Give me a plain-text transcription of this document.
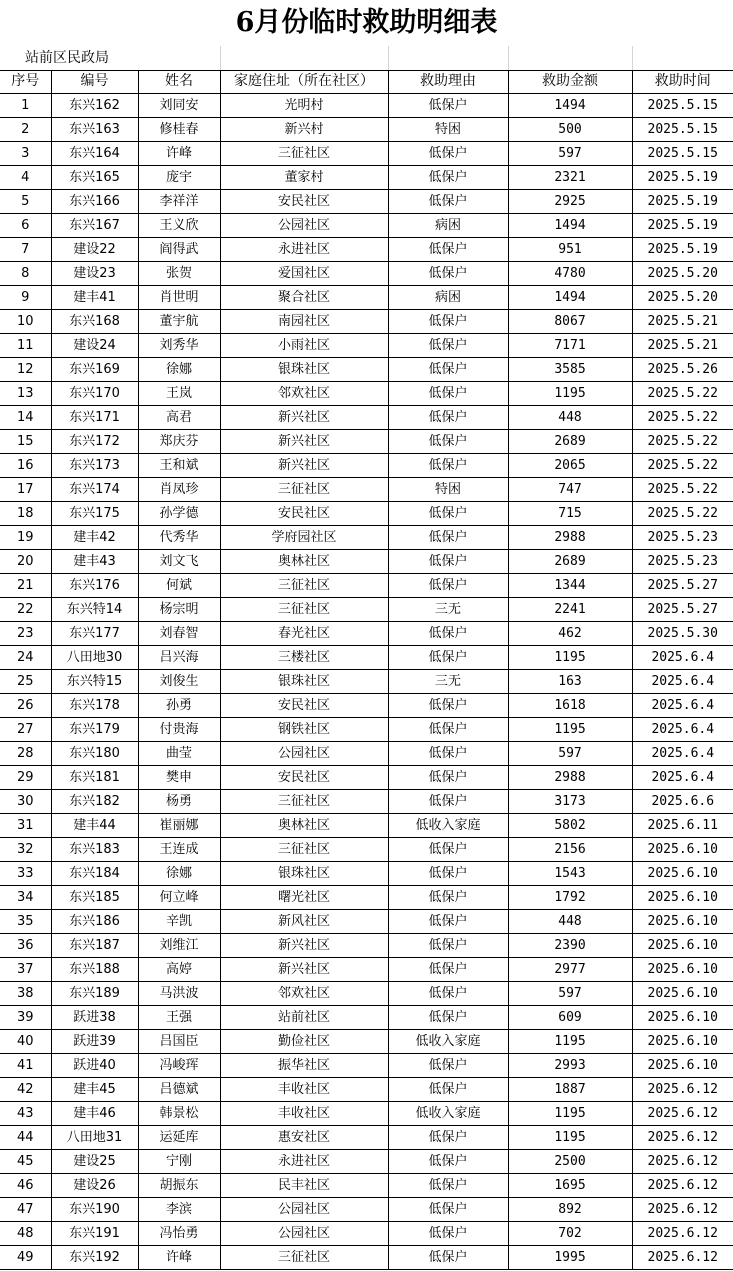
6月份临时救助明细表
站前区民政局
序号	编号	姓名	家庭住址（所在社区）	救助理由	救助金额	救助时间
1	东兴162	刘同安	光明村	低保户	1494	2025.5.15
2	东兴163	修桂春	新兴村	特困	500	2025.5.15
3	东兴164	许峰	三征社区	低保户	597	2025.5.15
4	东兴165	庞宇	董家村	低保户	2321	2025.5.19
5	东兴166	李祥洋	安民社区	低保户	2925	2025.5.19
6	东兴167	王义欣	公园社区	病困	1494	2025.5.19
7	建设22	阎得武	永进社区	低保户	951	2025.5.19
8	建设23	张贺	爱国社区	低保户	4780	2025.5.20
9	建丰41	肖世明	聚合社区	病困	1494	2025.5.20
10	东兴168	董宇航	南园社区	低保户	8067	2025.5.21
11	建设24	刘秀华	小雨社区	低保户	7171	2025.5.21
12	东兴169	徐娜	银珠社区	低保户	3585	2025.5.26
13	东兴170	王岚	邻欢社区	低保户	1195	2025.5.22
14	东兴171	高君	新兴社区	低保户	448	2025.5.22
15	东兴172	郑庆芬	新兴社区	低保户	2689	2025.5.22
16	东兴173	王和斌	新兴社区	低保户	2065	2025.5.22
17	东兴174	肖凤珍	三征社区	特困	747	2025.5.22
18	东兴175	孙学德	安民社区	低保户	715	2025.5.22
19	建丰42	代秀华	学府园社区	低保户	2988	2025.5.23
20	建丰43	刘文飞	奥林社区	低保户	2689	2025.5.23
21	东兴176	何斌	三征社区	低保户	1344	2025.5.27
22	东兴特14	杨宗明	三征社区	三无	2241	2025.5.27
23	东兴177	刘春智	春光社区	低保户	462	2025.5.30
24	八田地30	吕兴海	三楼社区	低保户	1195	2025.6.4
25	东兴特15	刘俊生	银珠社区	三无	163	2025.6.4
26	东兴178	孙勇	安民社区	低保户	1618	2025.6.4
27	东兴179	付贵海	钢铁社区	低保户	1195	2025.6.4
28	东兴180	曲莹	公园社区	低保户	597	2025.6.4
29	东兴181	樊申	安民社区	低保户	2988	2025.6.4
30	东兴182	杨勇	三征社区	低保户	3173	2025.6.6
31	建丰44	崔丽娜	奥林社区	低收入家庭	5802	2025.6.11
32	东兴183	王连成	三征社区	低保户	2156	2025.6.10
33	东兴184	徐娜	银珠社区	低保户	1543	2025.6.10
34	东兴185	何立峰	曙光社区	低保户	1792	2025.6.10
35	东兴186	辛凯	新风社区	低保户	448	2025.6.10
36	东兴187	刘维江	新兴社区	低保户	2390	2025.6.10
37	东兴188	高婷	新兴社区	低保户	2977	2025.6.10
38	东兴189	马洪波	邻欢社区	低保户	597	2025.6.10
39	跃进38	王强	站前社区	低保户	609	2025.6.10
40	跃进39	吕国臣	勤俭社区	低收入家庭	1195	2025.6.10
41	跃进40	冯峻珲	振华社区	低保户	2993	2025.6.10
42	建丰45	吕德斌	丰收社区	低保户	1887	2025.6.12
43	建丰46	韩景松	丰收社区	低收入家庭	1195	2025.6.12
44	八田地31	运延库	惠安社区	低保户	1195	2025.6.12
45	建设25	宁刚	永进社区	低保户	2500	2025.6.12
46	建设26	胡振东	民丰社区	低保户	1695	2025.6.12
47	东兴190	李滨	公园社区	低保户	892	2025.6.12
48	东兴191	冯怡勇	公园社区	低保户	702	2025.6.12
49	东兴192	许峰	三征社区	低保户	1995	2025.6.12
